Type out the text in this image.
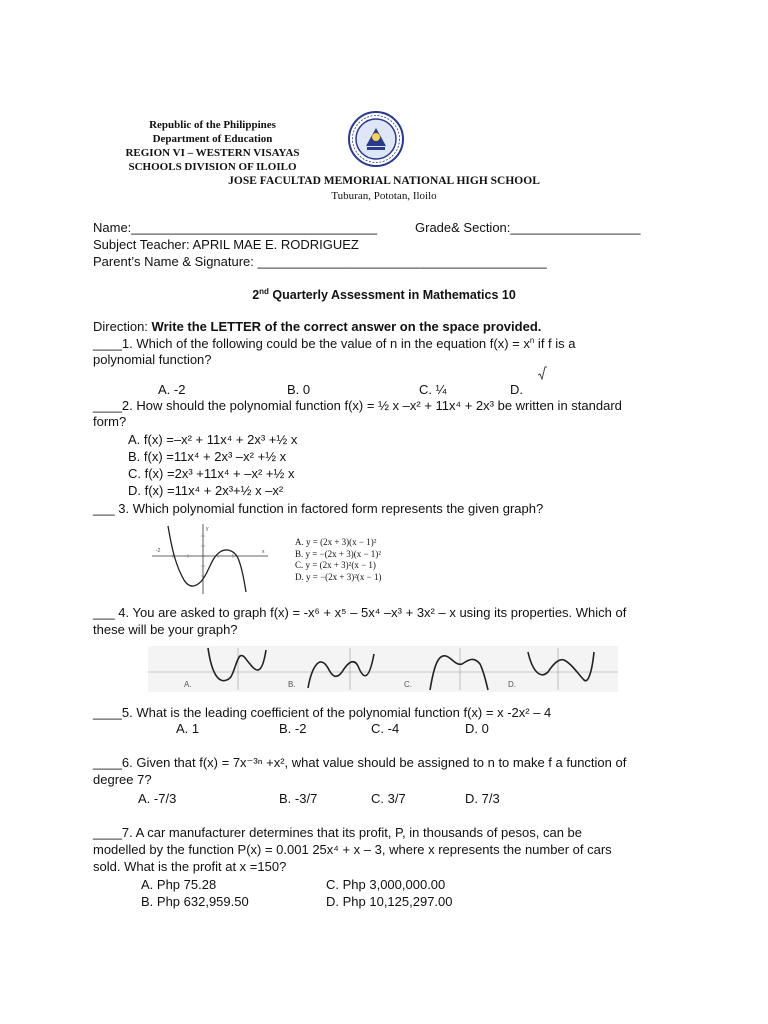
Republic of the Philippines
Department of Education
REGION VI – WESTERN VISAYAS
SCHOOLS DIVISION OF ILOILO
JOSE FACULTAD MEMORIAL NATIONAL HIGH SCHOOL
Tuburan, Pototan, Iloilo
Name:__________________________________	Grade& Section:__________________
Subject Teacher: APRIL MAE E. RODRIGUEZ
Parent’s Name & Signature: ________________________________________
2nd Quarterly Assessment in Mathematics 10
Direction: Write the LETTER of the correct answer on the space provided.
____1. Which of the following could be the value of n in the equation $f(x) = x^n$ if f is a
polynomial function?
A. -2	B. 0	C. ¼	D.
____2. How should the polynomial function f(x) = ½ x –x² + 11x⁴ + 2x³ be written in standard
form?
A. f(x) =–x² + 11x⁴ + 2x³ +½ x
B. f(x) =11x⁴ + 2x³ –x² +½ x
C. f(x) =2x³ +11x⁴ + –x² +½ x
D. f(x) =11x⁴ + 2x³+½ x –x²
___ 3. Which polynomial function in factored form represents the given graph?
-2
y
x
A. y = (2x + 3)(x − 1)²
B. y = −(2x + 3)(x − 1)²
C. y = (2x + 3)²(x − 1)
D. y = −(2x + 3)²(x − 1)
___ 4. You are asked to graph f(x) = -x⁶ + x⁵ – 5x⁴ –x³ + 3x² – x using its properties. Which of
these will be your graph?
A.	B.	C.	D.
____5. What is the leading coefficient of the polynomial function f(x) = x -2x² – 4
A. 1	B. -2	C. -4	D. 0
____6. Given that f(x) = 7x⁻³ⁿ +x², what value should be assigned to n to make f a function of
degree 7?
A. -7/3	B. -3/7	C. 3/7	D. 7/3
____7. A car manufacturer determines that its profit, P, in thousands of pesos, can be
modelled by the function P(x) = 0.001 25x⁴ + x – 3, where x represents the number of cars
sold. What is the profit at x =150?
A. Php 75.28	C. Php 3,000,000.00
B. Php 632,959.50	D. Php 10,125,297.00
